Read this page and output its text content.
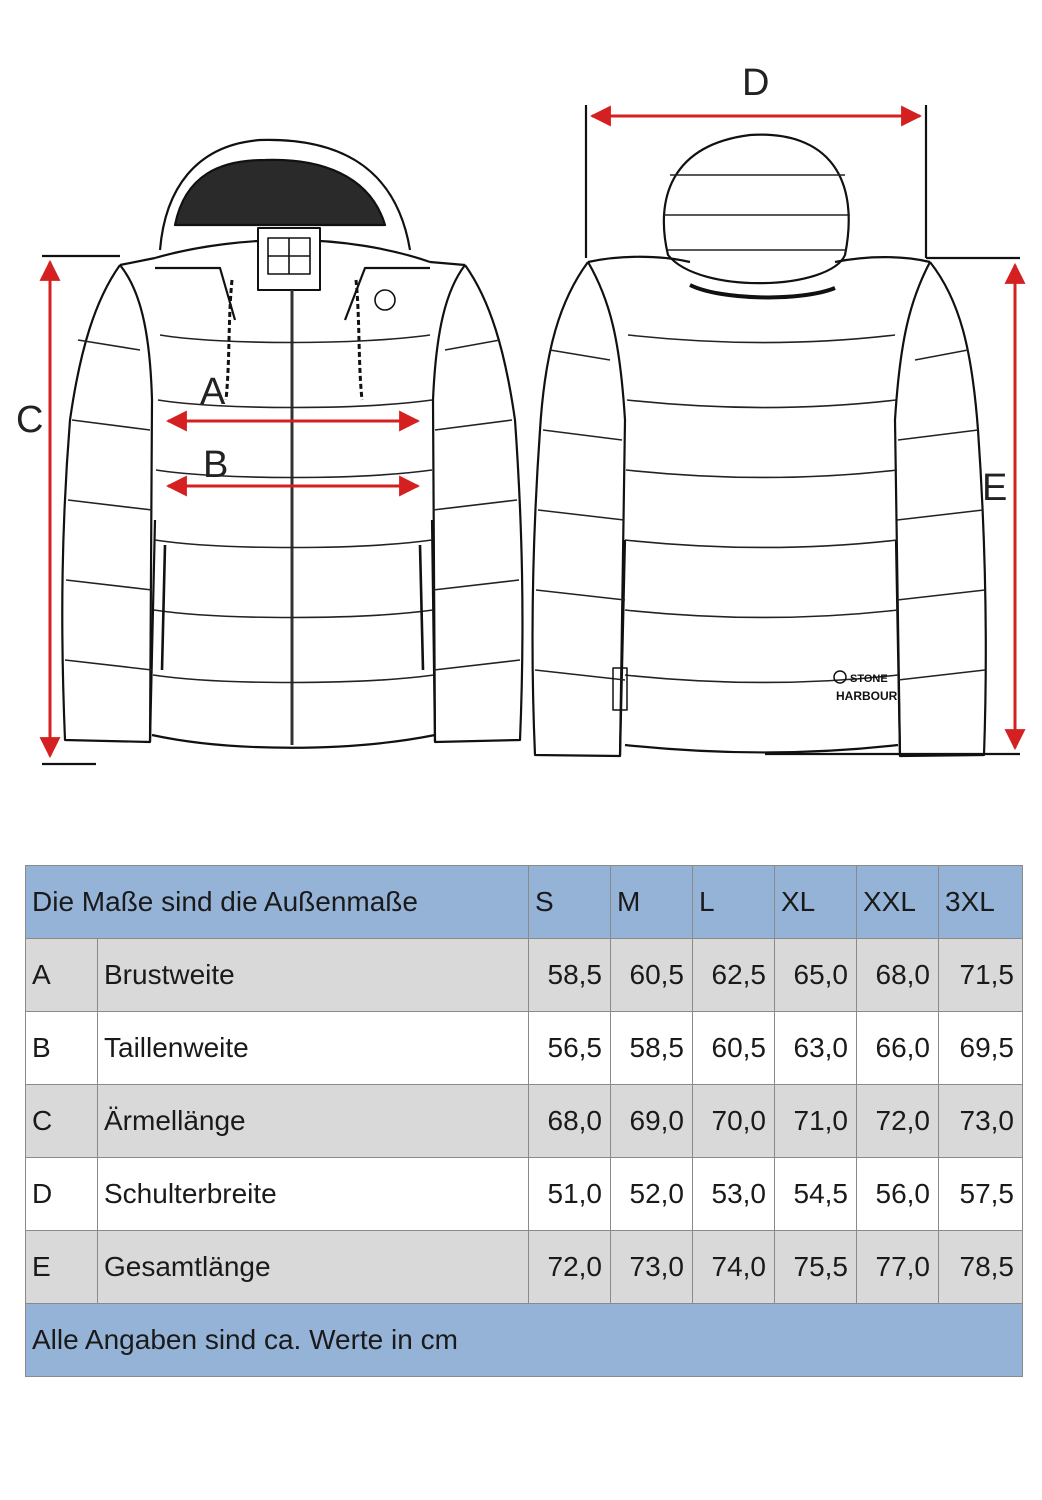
STONE
HARBOUR
A
B
C
D
E
Die Maße sind die Außenmaße		S	M	L	XL	XXL	3XL
A	Brustweite	58,5	60,5	62,5	65,0	68,0	71,5
B	Taillenweite	56,5	58,5	60,5	63,0	66,0	69,5
C	Ärmellänge	68,0	69,0	70,0	71,0	72,0	73,0
D	Schulterbreite	51,0	52,0	53,0	54,5	56,0	57,5
E	Gesamtlänge	72,0	73,0	74,0	75,5	77,0	78,5
Alle Angaben sind ca. Werte in cm							
